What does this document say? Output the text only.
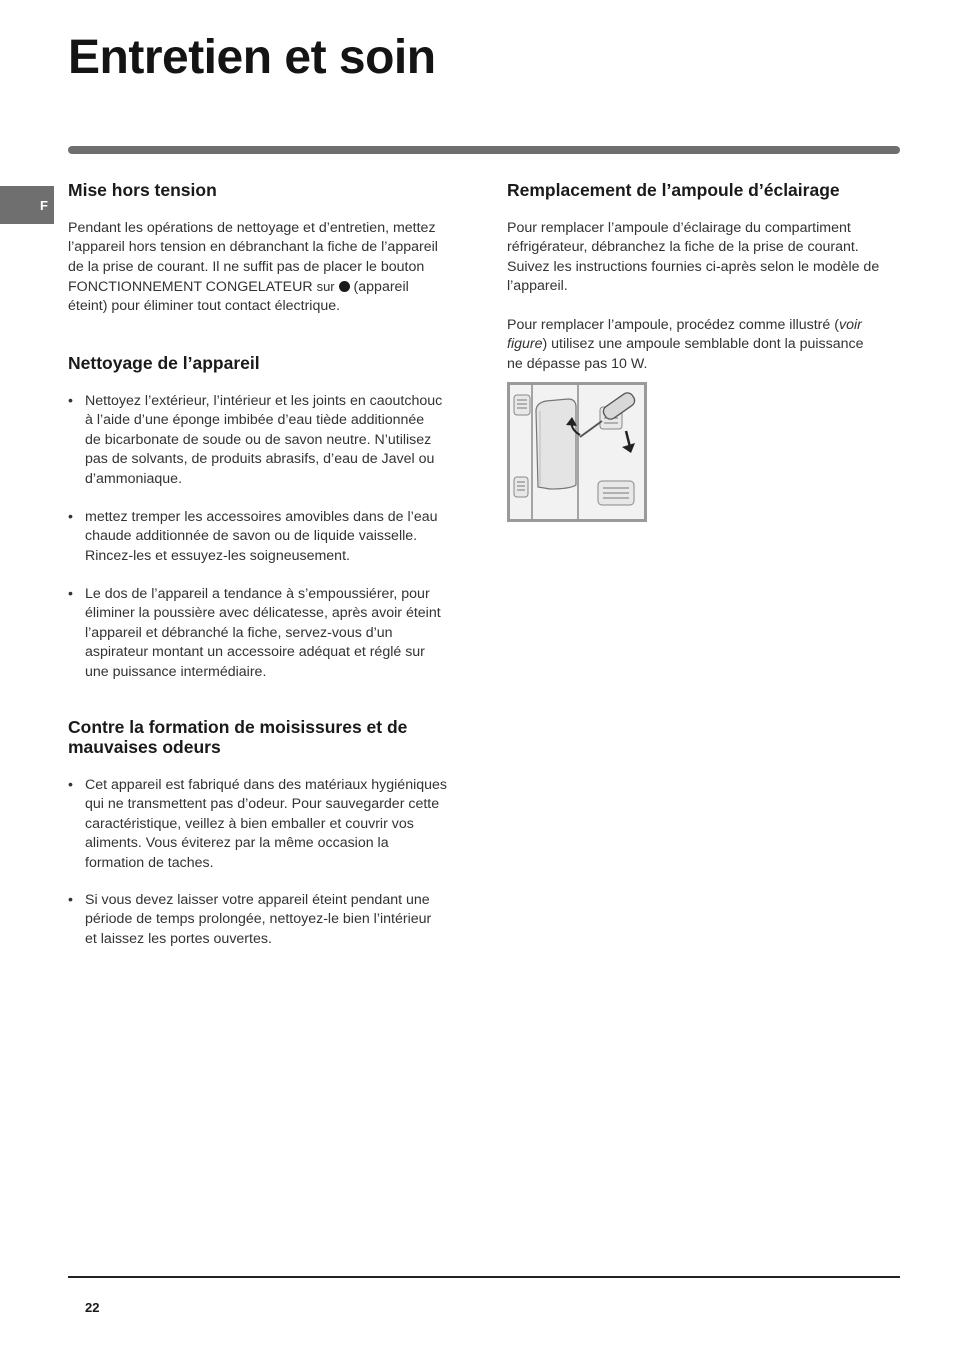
Entretien et soin
F
Mise hors tension

Pendant les opérations de nettoyage et d’entretien, mettez

l’appareil hors tension en débranchant la fiche de l’appareil

de la prise de courant. Il ne suffit pas de placer le bouton

FONCTIONNEMENT CONGELATEUR sur (appareil

éteint) pour éliminer tout contact électrique.

Nettoyage de l’appareil
• Nettoyez l’extérieur, l’intérieur et les joints en caoutchouc
à l’aide d’une éponge imbibée d’eau tiède additionnée
de bicarbonate de soude ou de savon neutre. N’utilisez
pas de solvants, de produits abrasifs, d’eau de Javel ou
d’ammoniaque.
• mettez tremper les accessoires amovibles dans de l’eau
chaude additionnée de savon ou de liquide vaisselle.
Rincez-les et essuyez-les soigneusement.
• Le dos de l’appareil a tendance à s’empoussiérer, pour
éliminer la poussière avec délicatesse, après avoir éteint
l’appareil et débranché la fiche, servez-vous d’un
aspirateur montant un accessoire adéquat et réglé sur
une puissance intermédiaire.
Contre la formation de moisissures et de
mauvaises odeurs
• Cet appareil est fabriqué dans des matériaux hygiéniques
qui ne transmettent pas d’odeur. Pour sauvegarder cette
caractéristique, veillez à bien emballer et couvrir vos
aliments. Vous éviterez par la même occasion la
formation de taches.
• Si vous devez laisser votre appareil éteint pendant une
période de temps prolongée, nettoyez-le bien l’intérieur
et laissez les portes ouvertes.
Remplacement de l’ampoule d’éclairage

Pour remplacer l’ampoule d’éclairage du compartiment

réfrigérateur, débranchez la fiche de la prise de courant.

Suivez les instructions fournies ci-après selon le modèle de

l’appareil.

Pour remplacer l’ampoule, procédez comme illustré (voir

figure) utilisez une ampoule semblable dont la puissance

ne dépasse pas 10 W.

22
